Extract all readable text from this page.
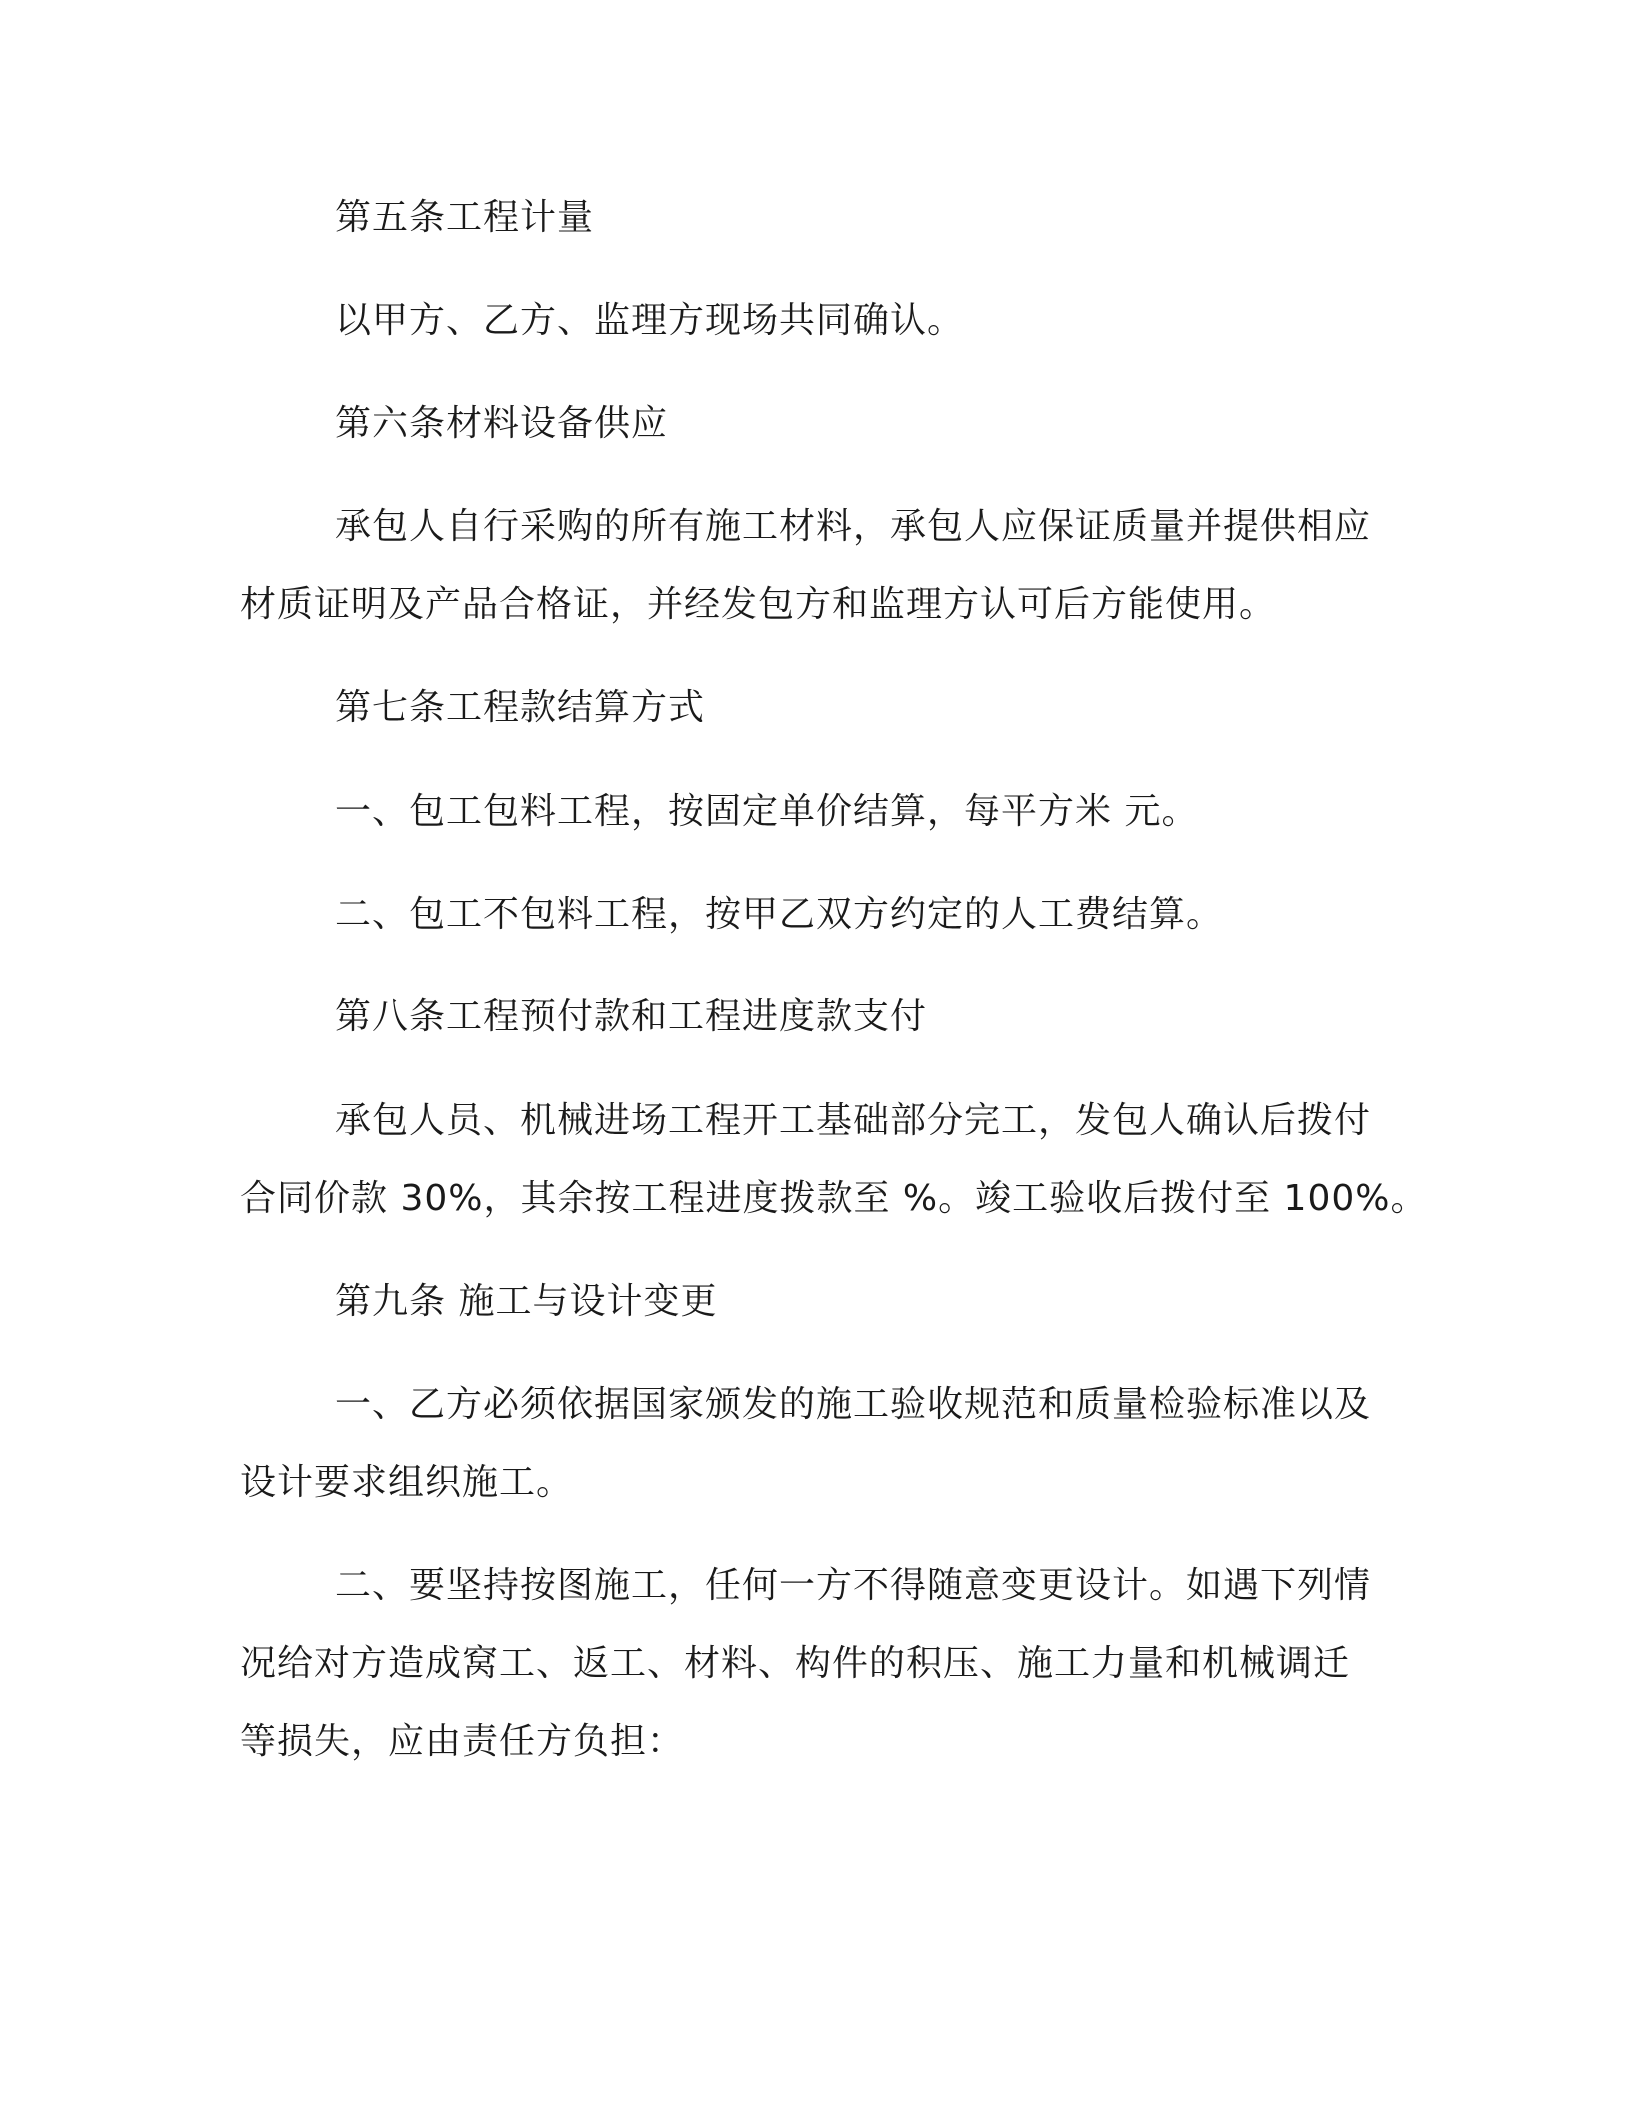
第五条工程计量
以甲方、乙方、监理方现场共同确认。
第六条材料设备供应
承包人自行采购的所有施工材料，承包人应保证质量并提供相应
材质证明及产品合格证，并经发包方和监理方认可后方能使用。
第七条工程款结算方式
一、包工包料工程，按固定单价结算，每平方米 元。
二、包工不包料工程，按甲乙双方约定的人工费结算。
第八条工程预付款和工程进度款支付
承包人员、机械进场工程开工基础部分完工，发包人确认后拨付
合同价款 30%，其余按工程进度拨款至 %。竣工验收后拨付至 100%。
第九条 施工与设计变更
一、乙方必须依据国家颁发的施工验收规范和质量检验标准以及
设计要求组织施工。
二、要坚持按图施工，任何一方不得随意变更设计。如遇下列情
况给对方造成窝工、返工、材料、构件的积压、施工力量和机械调迁
等损失，应由责任方负担：
